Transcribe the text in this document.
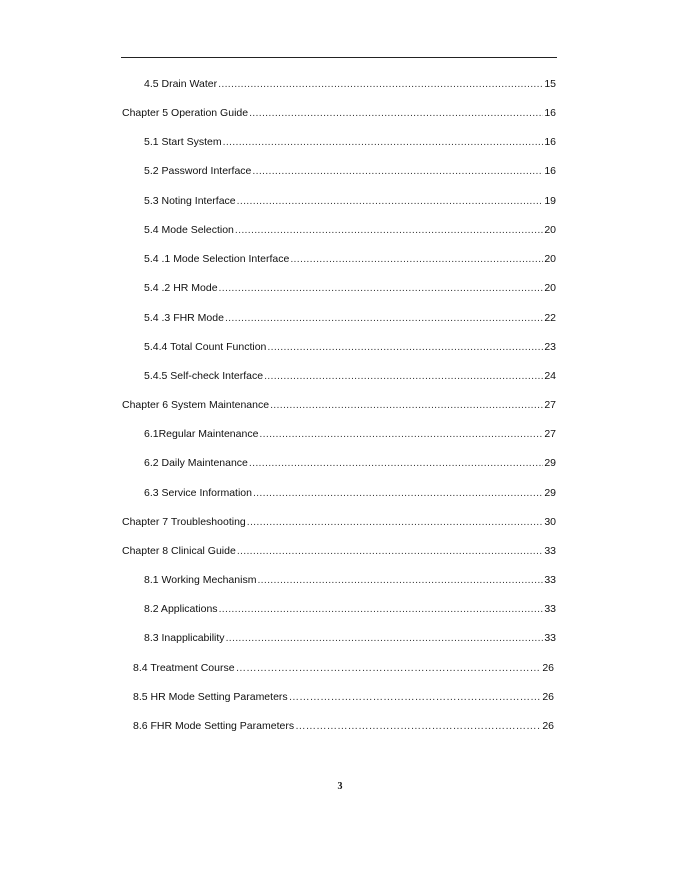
4.5 Drain Water .....	15
Chapter 5 Operation Guide .....	16
5.1 Start System .....	16
5.2 Password Interface .....	16
5.3 Noting Interface .....	19
5.4 Mode Selection .....	20
5.4 .1 Mode Selection Interface .....	20
5.4 .2 HR Mode .....	20
5.4 .3 FHR Mode .....	22
5.4.4 Total Count Function .....	23
5.4.5 Self-check Interface .....	24
Chapter 6 System Maintenance .....	27
6.1Regular Maintenance .....	27
6.2 Daily Maintenance .....	29
6.3 Service Information .....	29
Chapter 7 Troubleshooting .....	30
Chapter 8 Clinical Guide .....	33
8.1 Working Mechanism .....	33
8.2 Applications .....	33
8.3 Inapplicability .....	33
8.4 Treatment Course ……………………………………………………………………………………………………………………………………………………………	26
8.5 HR Mode Setting Parameters ……………………………………………………………………………………………………………………………………………………………	26
8.6 FHR Mode Setting Parameters ……………………………………………………………………………………………………………………………………………………………	26
3
